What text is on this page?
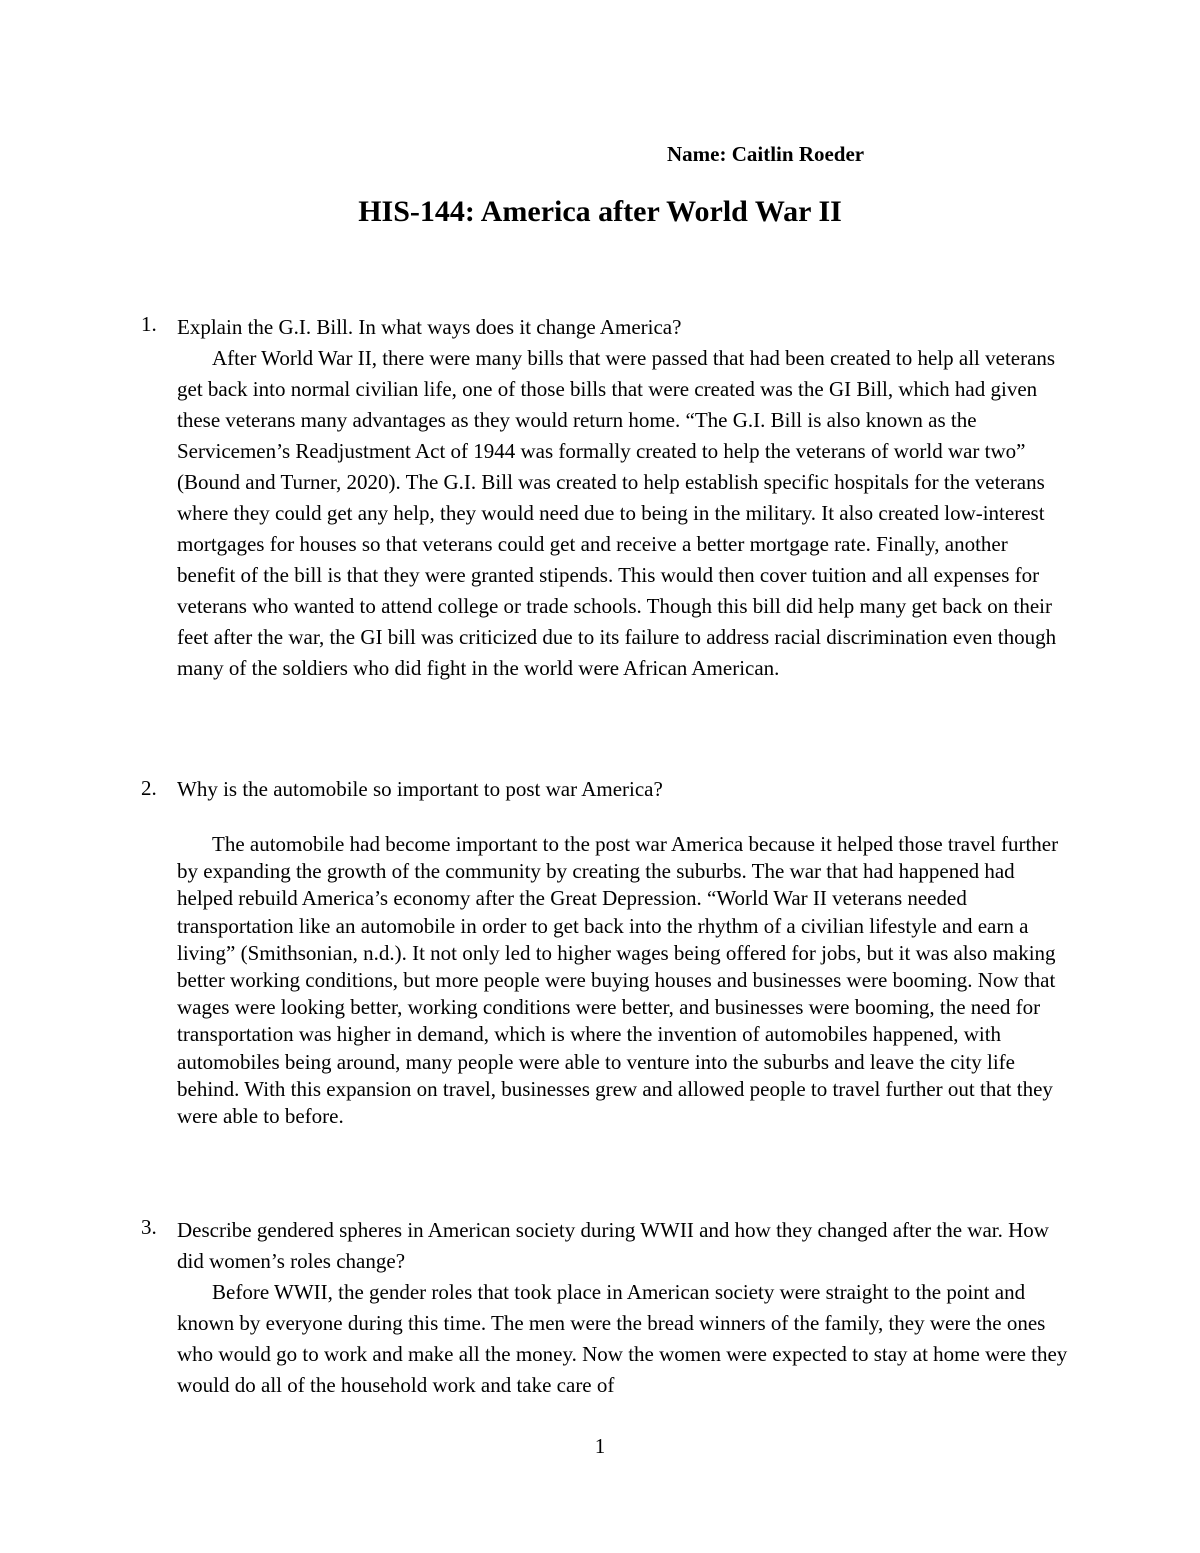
Name: Caitlin Roeder
HIS-144: America after World War II
1. Explain the G.I. Bill. In what ways does it change America?
After World War II, there were many bills that were passed that had been created to help all veterans get back into normal civilian life, one of those bills that were created was the GI Bill, which had given these veterans many advantages as they would return home. “The G.I. Bill is also known as the Servicemen’s Readjustment Act of 1944 was formally created to help the veterans of world war two” (Bound and Turner, 2020). The G.I. Bill was created to help establish specific hospitals for the veterans where they could get any help, they would need due to being in the military. It also created low-interest mortgages for houses so that veterans could get and receive a better mortgage rate. Finally, another benefit of the bill is that they were granted stipends. This would then cover tuition and all expenses for veterans who wanted to attend college or trade schools. Though this bill did help many get back on their feet after the war, the GI bill was criticized due to its failure to address racial discrimination even though many of the soldiers who did fight in the world were African American.
2. Why is the automobile so important to post war America?
The automobile had become important to the post war America because it helped those travel further by expanding the growth of the community by creating the suburbs. The war that had happened had helped rebuild America’s economy after the Great Depression. “World War II veterans needed transportation like an automobile in order to get back into the rhythm of a civilian lifestyle and earn a living” (Smithsonian, n.d.). It not only led to higher wages being offered for jobs, but it was also making better working conditions, but more people were buying houses and businesses were booming. Now that wages were looking better, working conditions were better, and businesses were booming, the need for transportation was higher in demand, which is where the invention of automobiles happened, with automobiles being around, many people were able to venture into the suburbs and leave the city life behind. With this expansion on travel, businesses grew and allowed people to travel further out that they were able to before.
3. Describe gendered spheres in American society during WWII and how they changed after the war. How did women’s roles change?
Before WWII, the gender roles that took place in American society were straight to the point and known by everyone during this time. The men were the bread winners of the family, they were the ones who would go to work and make all the money. Now the women were expected to stay at home were they would do all of the household work and take care of
1
